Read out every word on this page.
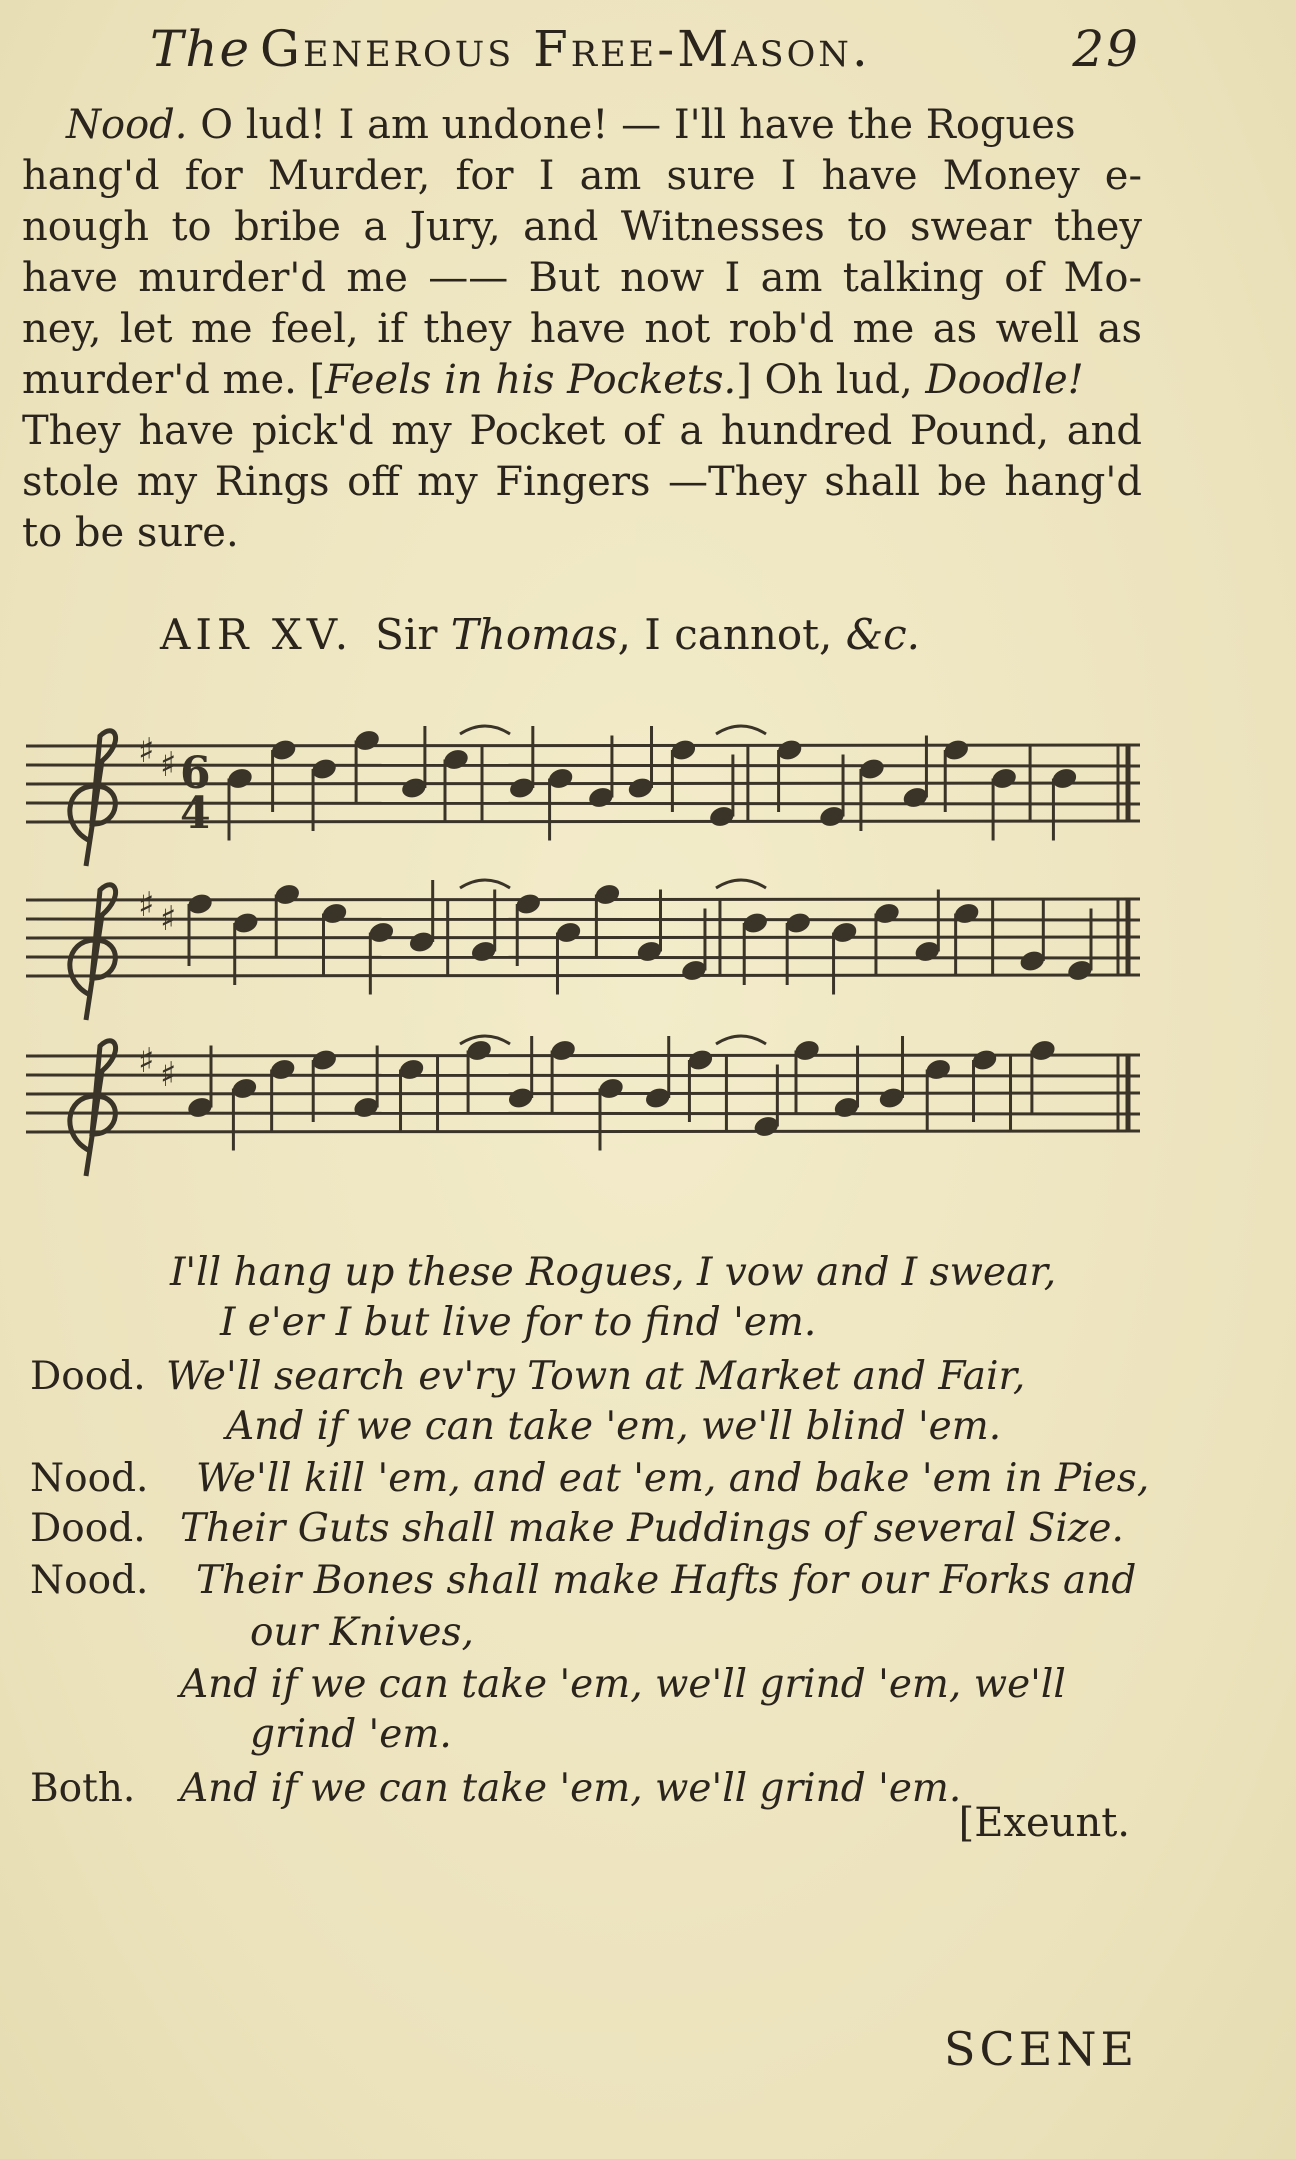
The Generous Free-Mason.	29
Nood. O lud! I am undone! — I'll have the Rogues
hang'd for Murder, for I am sure I have Money e-
nough to bribe a Jury, and Witnesses to swear they
have murder'd me —— But now I am talking of Mo-
ney, let me feel, if they have not rob'd me as well as
murder'd me. [Feels in his Pockets.] Oh lud, Doodle!
They have pick'd my Pocket of a hundred Pound, and
stole my Rings off my Fingers —They shall be hang'd
to be sure.
AIR XV. Sir Thomas, I cannot, &c.
♯ ♯ 6
4
♯ ♯
♯ ♯
I'll hang up these Rogues, I vow and I swear,
I e'er I but live for to find 'em.
Dood. We'll search ev'ry Town at Market and Fair,
And if we can take 'em, we'll blind 'em.
Nood. We'll kill 'em, and eat 'em, and bake 'em in Pies,
Dood. Their Guts shall make Puddings of several Size.
Nood. Their Bones shall make Hafts for our Forks and
our Knives,
And if we can take 'em, we'll grind 'em, we'll
grind 'em.
Both. And if we can take 'em, we'll grind 'em.
[Exeunt.
SCENE
